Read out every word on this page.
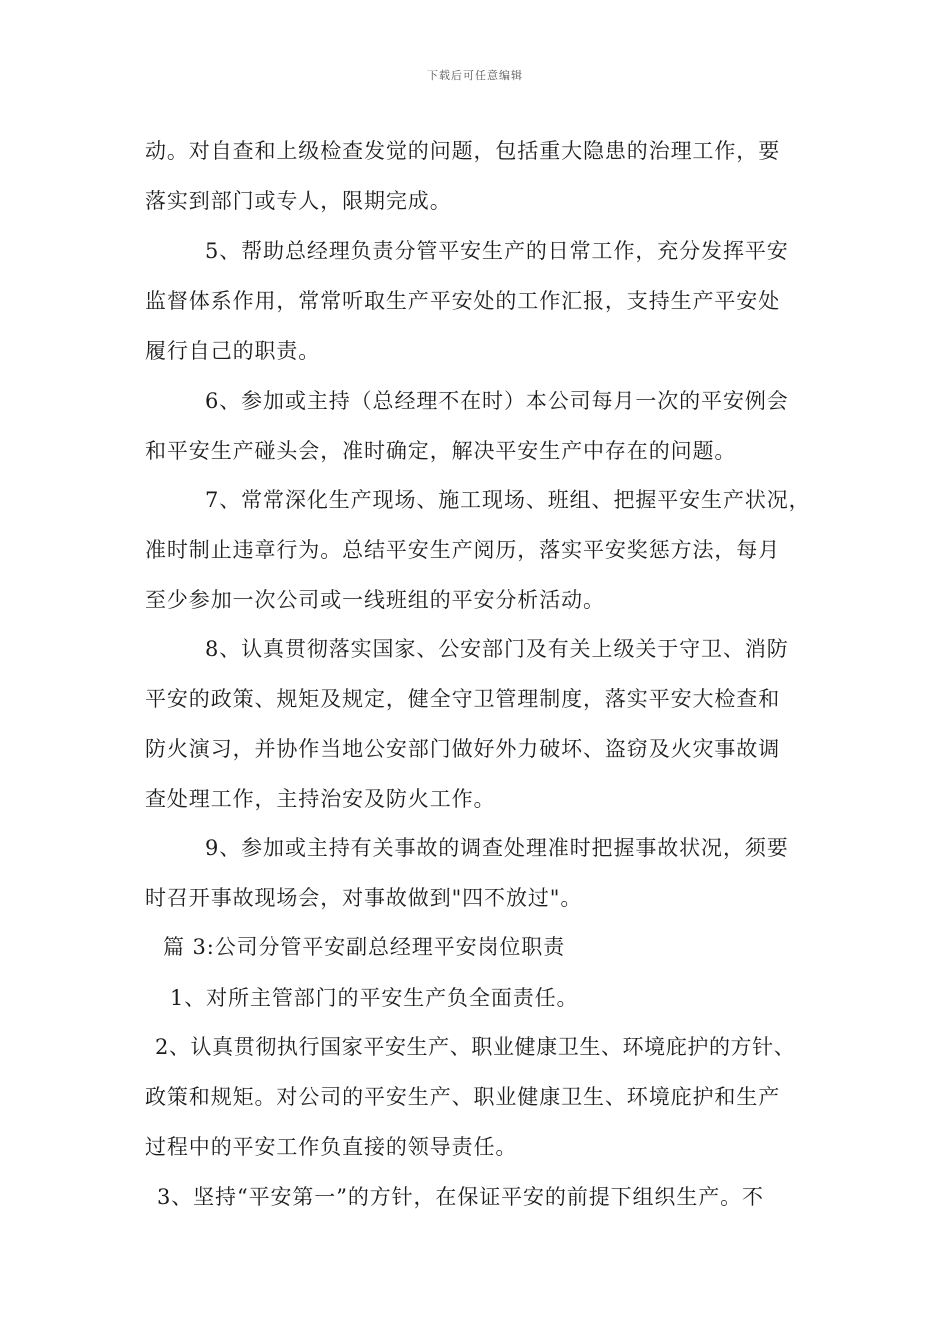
下载后可任意编辑
动。对自查和上级检查发觉的问题，包括重大隐患的治理工作，要
落实到部门或专人，限期完成。
5、帮助总经理负责分管平安生产的日常工作，充分发挥平安
监督体系作用，常常听取生产平安处的工作汇报，支持生产平安处
履行自己的职责。
6、参加或主持（总经理不在时）本公司每月一次的平安例会
和平安生产碰头会，准时确定，解决平安生产中存在的问题。
7、常常深化生产现场、施工现场、班组、把握平安生产状况，
准时制止违章行为。总结平安生产阅历，落实平安奖惩方法，每月
至少参加一次公司或一线班组的平安分析活动。
8、认真贯彻落实国家、公安部门及有关上级关于守卫、消防
平安的政策、规矩及规定，健全守卫管理制度，落实平安大检查和
防火演习，并协作当地公安部门做好外力破坏、盗窃及火灾事故调
查处理工作，主持治安及防火工作。
9、参加或主持有关事故的调查处理准时把握事故状况，须要
时召开事故现场会，对事故做到"四不放过"。
篇 3:公司分管平安副总经理平安岗位职责
1、对所主管部门的平安生产负全面责任。
2、认真贯彻执行国家平安生产、职业健康卫生、环境庇护的方针、
政策和规矩。对公司的平安生产、职业健康卫生、环境庇护和生产
过程中的平安工作负直接的领导责任。
3、坚持“平安第一”的方针，在保证平安的前提下组织生产。不
